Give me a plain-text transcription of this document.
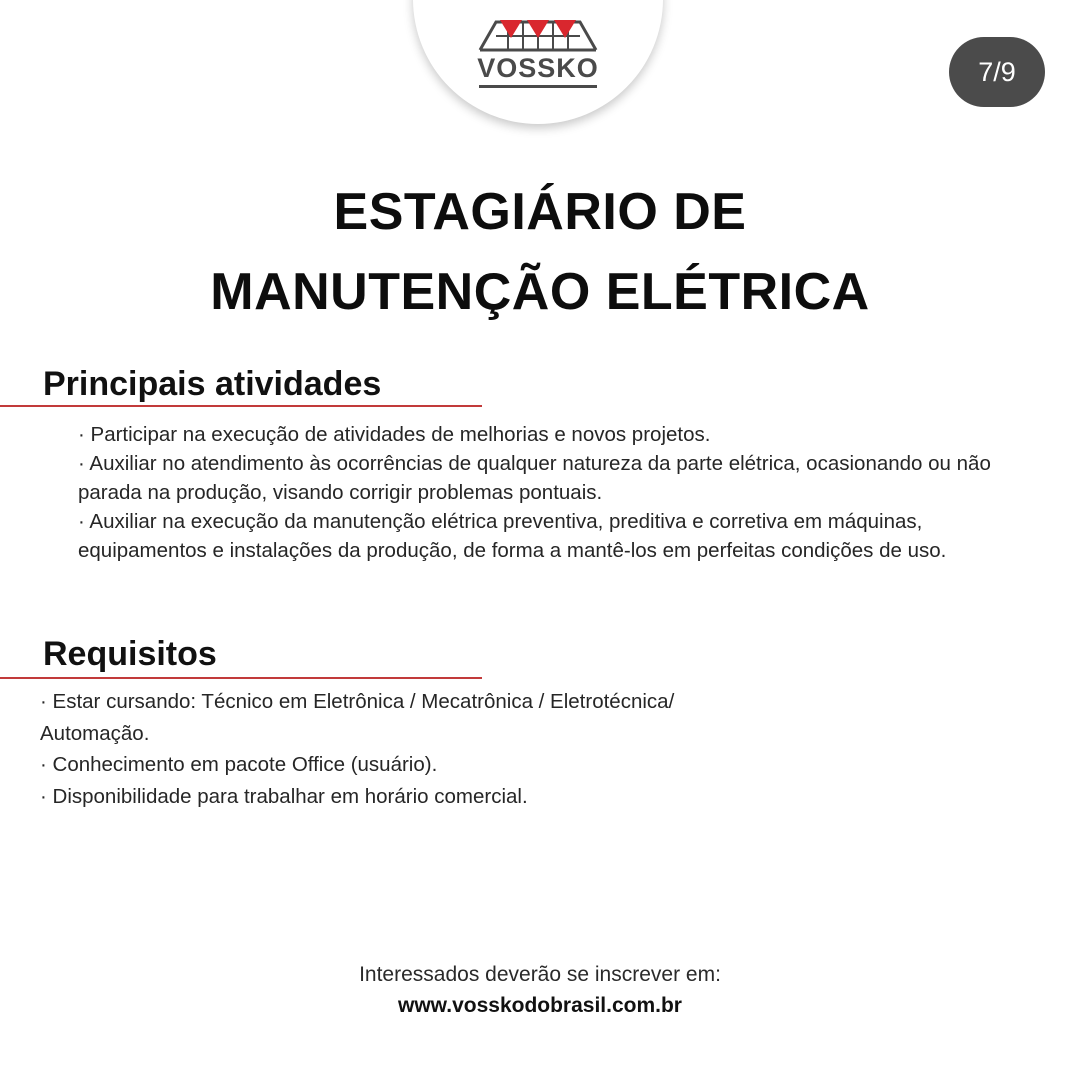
VOSSKO	7/9
ESTAGIÁRIO DE
MANUTENÇÃO ELÉTRICA
Principais atividades
· Participar na execução de atividades de melhorias e novos projetos.
· Auxiliar no atendimento às ocorrências de qualquer natureza da parte elétrica, ocasionando ou não parada na produção, visando corrigir problemas pontuais.
· Auxiliar na execução da manutenção elétrica preventiva, preditiva e corretiva em máquinas, equipamentos e instalações da produção, de forma a mantê-los em perfeitas condições de uso.
Requisitos
· Estar cursando: Técnico em Eletrônica / Mecatrônica / Eletrotécnica/ Automação.
· Conhecimento em pacote Office (usuário).
· Disponibilidade para trabalhar em horário comercial.
Interessados deverão se inscrever em:
www.vosskodobrasil.com.br
